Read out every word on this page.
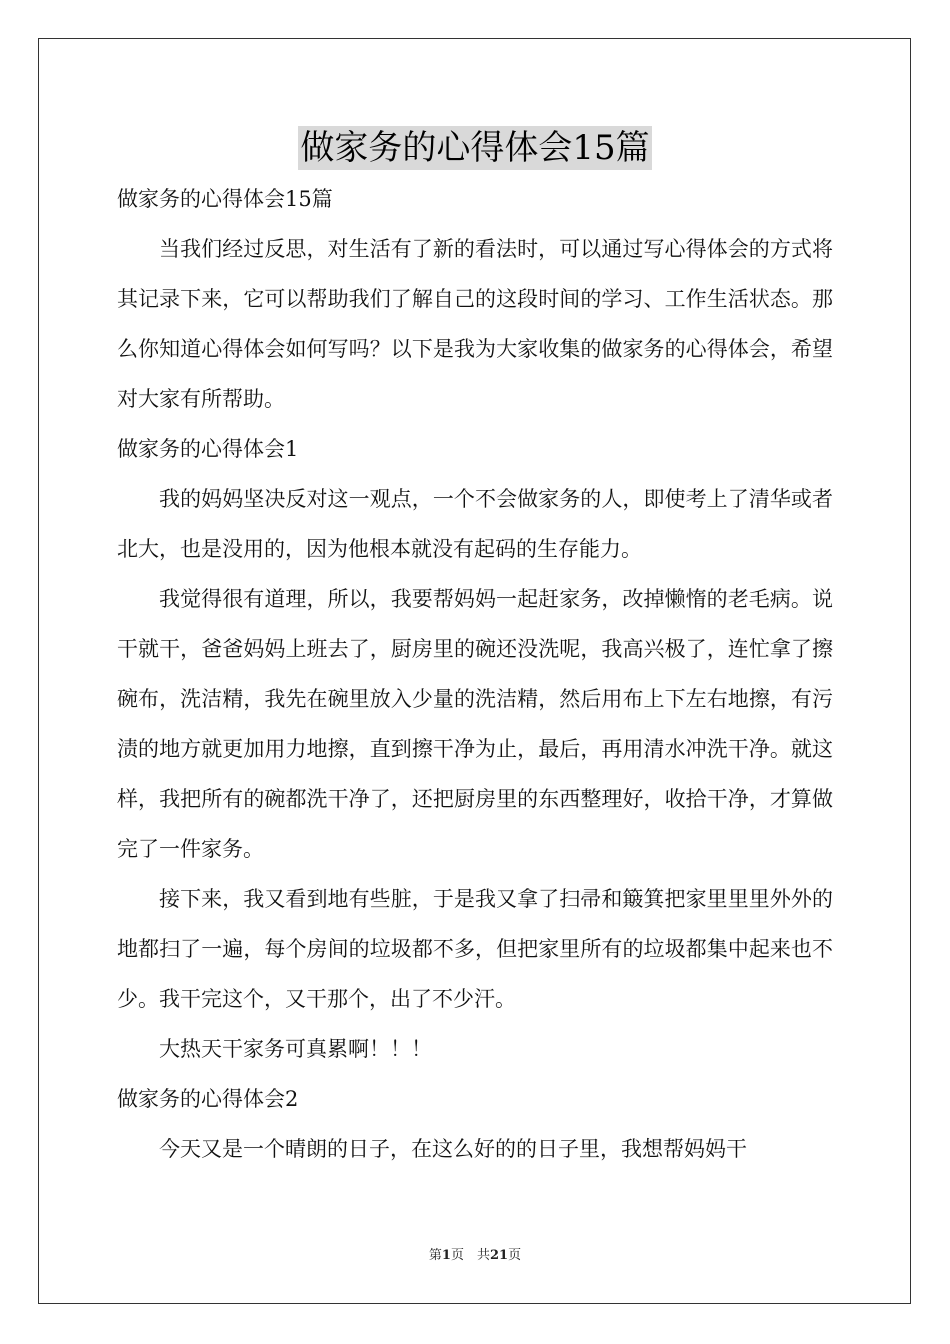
做家务的心得体会15篇
做家务的心得体会15篇

当我们经过反思，对生活有了新的看法时，可以通过写心得体会的方式将其记录下来，它可以帮助我们了解自己的这段时间的学习、工作生活状态。那么你知道心得体会如何写吗？以下是我为大家收集的做家务的心得体会，希望对大家有所帮助。

做家务的心得体会1

我的妈妈坚决反对这一观点，一个不会做家务的人，即使考上了清华或者北大，也是没用的，因为他根本就没有起码的生存能力。

我觉得很有道理，所以，我要帮妈妈一起赶家务，改掉懒惰的老毛病。说干就干，爸爸妈妈上班去了，厨房里的碗还没洗呢，我高兴极了，连忙拿了擦碗布，洗洁精，我先在碗里放入少量的洗洁精，然后用布上下左右地擦，有污渍的地方就更加用力地擦，直到擦干净为止，最后，再用清水冲洗干净。就这样，我把所有的碗都洗干净了，还把厨房里的东西整理好，收拾干净，才算做完了一件家务。

接下来，我又看到地有些脏，于是我又拿了扫帚和簸箕把家里里里外外的地都扫了一遍，每个房间的垃圾都不多，但把家里所有的垃圾都集中起来也不少。我干完这个，又干那个，出了不少汗。

大热天干家务可真累啊！！！

做家务的心得体会2

今天又是一个晴朗的日子，在这么好的的日子里，我想帮妈妈干

第1页　共21页
